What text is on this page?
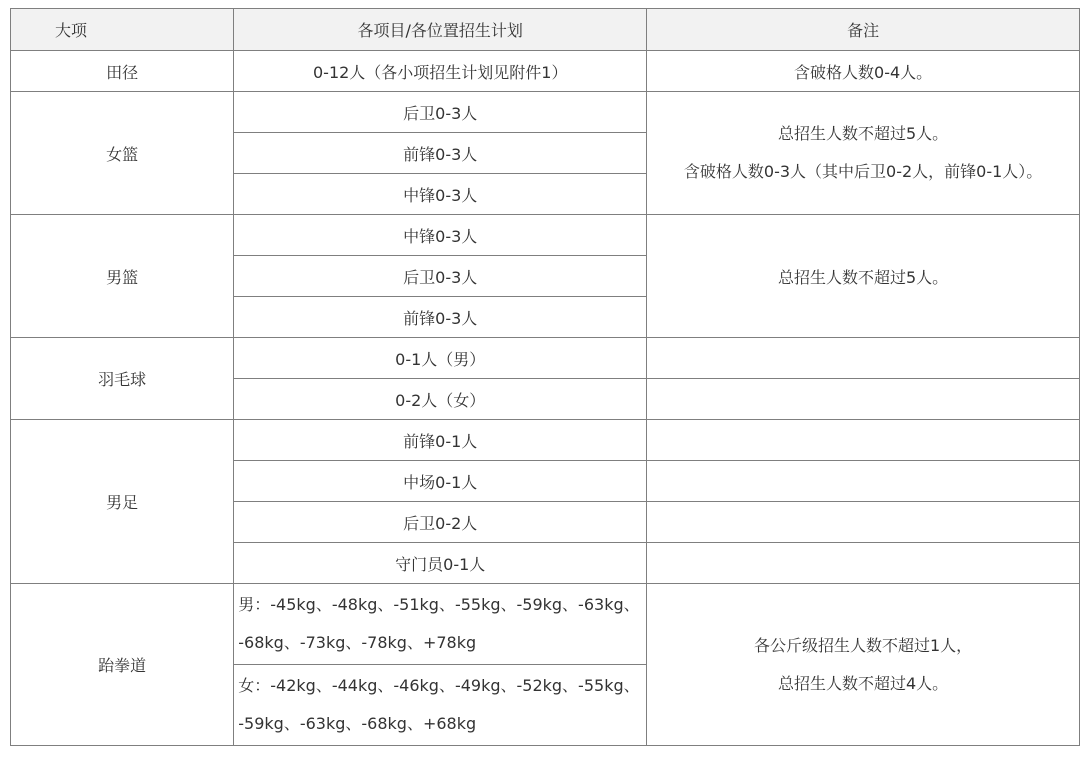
大项	各项目/各位置招生计划	备注
田径	0-12人（各小项招生计划见附件1）	含破格人数0-4人。
女篮	后卫0-3人	总招生人数不超过5人。
含破格人数0-3人（其中后卫0-2人，前锋0-1人）。

	前锋0-3人	
	中锋0-3人	
男篮	中锋0-3人	总招生人数不超过5人。
	后卫0-3人	
	前锋0-3人	
羽毛球	0-1人（男）	
	0-2人（女）	
男足	前锋0-1人	
	中场0-1人	
	后卫0-2人	
	守门员0-1人	
跆拳道	男：-45kg、-48kg、-51kg、-55kg、-59kg、-63kg、-68kg、-73kg、-78kg、+78kg	各公斤级招生人数不超过1人，
总招生人数不超过4人。

	女：-42kg、-44kg、-46kg、-49kg、-52kg、-55kg、-59kg、-63kg、-68kg、+68kg	
